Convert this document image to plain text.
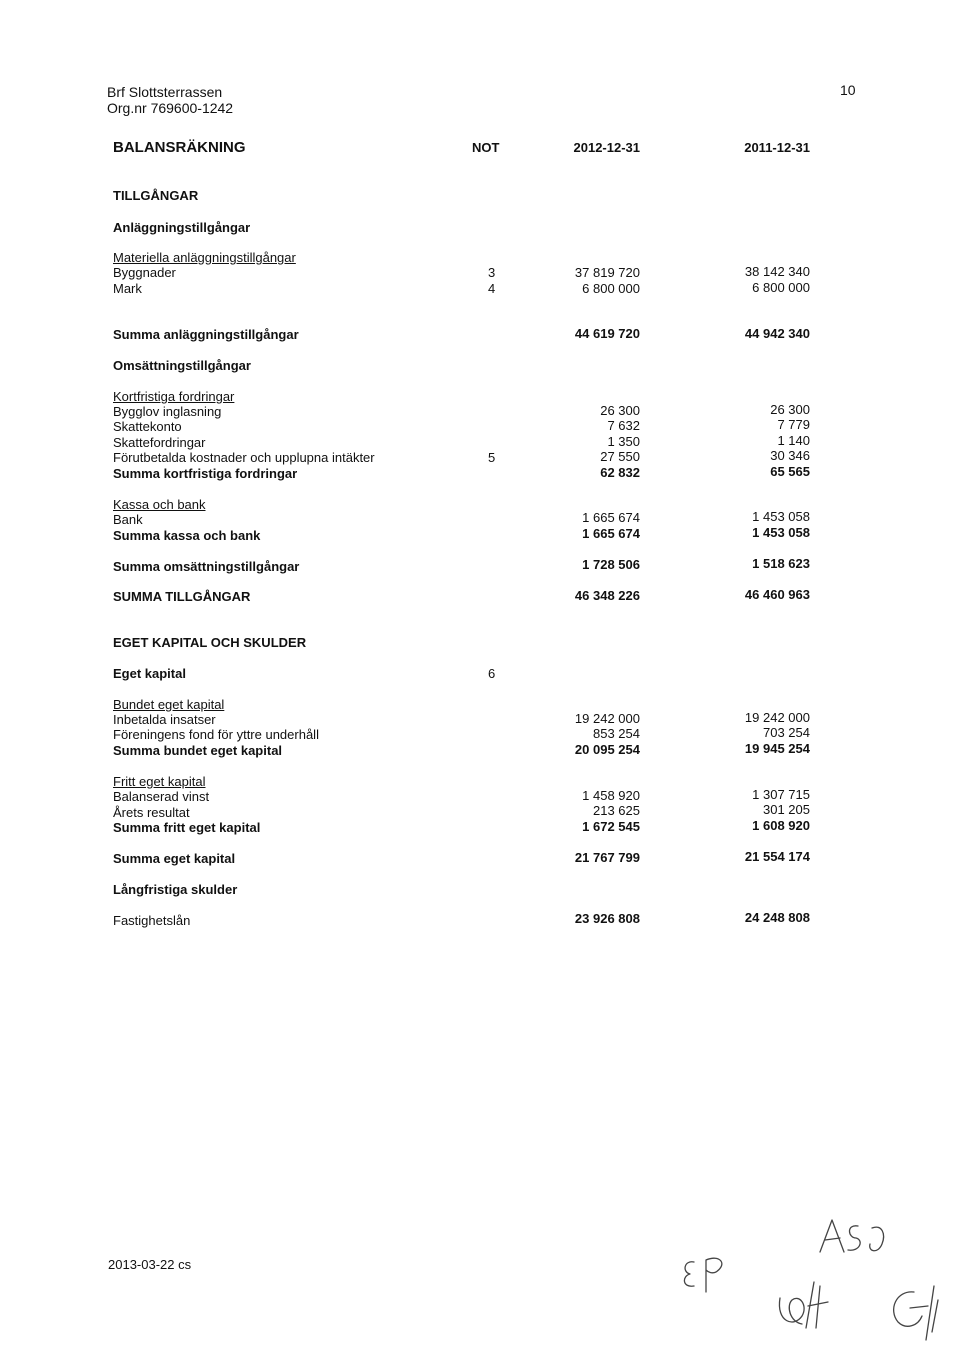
Brf Slottsterrassen
Org.nr 769600-1242
10
BALANSRÄKNING	NOT	2012-12-31	2011-12-31
TILLGÅNGAR
Anläggningstillgångar
Materiella anläggningstillgångar
Byggnader	3	37 819 720	38 142 340
Mark	4	6 800 000	6 800 000
Summa anläggningstillgångar	44 619 720	44 942 340
Omsättningstillgångar
Kortfristiga fordringar
Bygglov inglasning	26 300	26 300
Skattekonto	7 632	7 779
Skattefordringar	1 350	1 140
Förutbetalda kostnader och upplupna intäkter	5	27 550	30 346
Summa kortfristiga fordringar	62 832	65 565
Kassa och bank
Bank	1 665 674	1 453 058
Summa kassa och bank	1 665 674	1 453 058
Summa omsättningstillgångar	1 728 506	1 518 623
SUMMA TILLGÅNGAR	46 348 226	46 460 963
EGET KAPITAL OCH SKULDER
Eget kapital	6
Bundet eget kapital
Inbetalda insatser	19 242 000	19 242 000
Föreningens fond för yttre underhåll	853 254	703 254
Summa bundet eget kapital	20 095 254	19 945 254
Fritt eget kapital
Balanserad vinst	1 458 920	1 307 715
Årets resultat	213 625	301 205
Summa fritt eget kapital	1 672 545	1 608 920
Summa eget kapital	21 767 799	21 554 174
Långfristiga skulder
Fastighetslån	23 926 808	24 248 808
2013-03-22 cs
